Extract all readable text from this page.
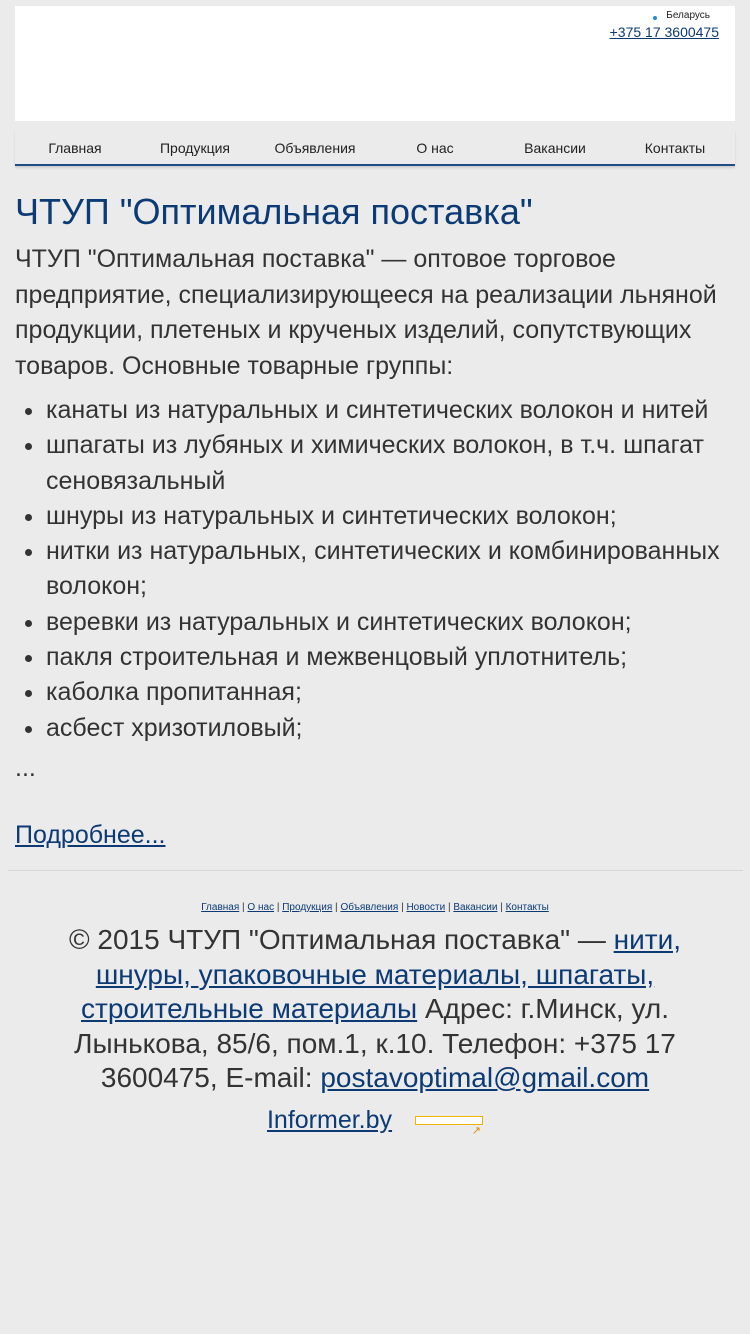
Беларусь
+375 17 3600475
Главная	Продукция	Объявления	О нас	Вакансии	Контакты
ЧТУП "Оптимальная поставка"

ЧТУП "Оптимальная поставка" — оптовое торговое предприятие, специализирующееся на реализации льняной продукции, плетеных и крученых изделий, сопутствующих товаров. Основные товарные группы:

• канаты из натуральных и синтетических волокон и нитей
• шпагаты из лубяных и химических волокон, в т.ч. шпагат сеновязальный
• шнуры из натуральных и синтетических волокон;
• нитки из натуральных, синтетических и комбинированных волокон;
• веревки из натуральных и синтетических волокон;
• пакля строительная и межвенцовый уплотнитель;
• каболка пропитанная;
• асбест хризотиловый;
...
Подробнее...
Главная | О нас | Продукция | Объявления | Новости | Вакансии | Контакты
© 2015 ЧТУП "Оптимальная поставка" — нити, шнуры, упаковочные материалы, шпагаты, строительные материалы Адрес: г.Минск, ул. Лынькова, 85/6, пом.1, к.10. Телефон: +375 17 3600475, E-mail: postavoptimal@gmail.com
Informer.by	↗
